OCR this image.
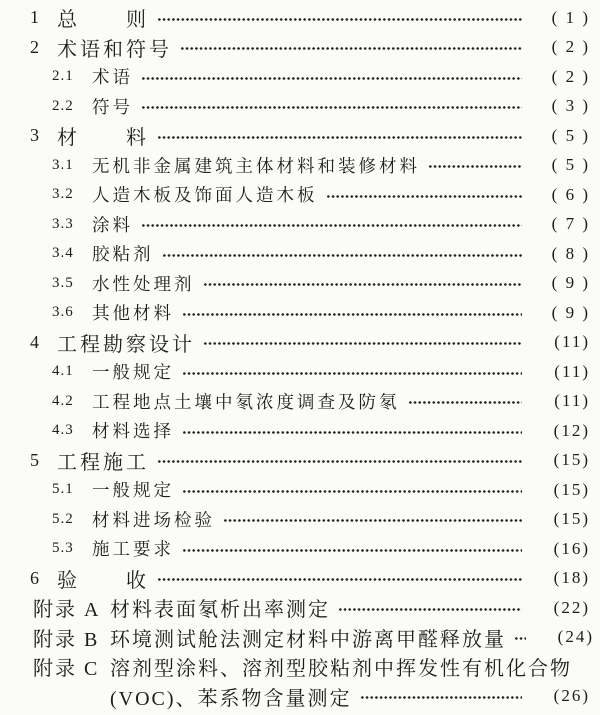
1 总　　则	( 1 )
2 术语和符号	( 2 )
2.1	术语	( 2 )
2.2	符号	( 3 )
3 材　　料	( 5 )
3.1	无机非金属建筑主体材料和装修材料	( 5 )
3.2	人造木板及饰面人造木板	( 6 )
3.3	涂料	( 7 )
3.4	胶粘剂	( 8 )
3.5	水性处理剂	( 9 )
3.6	其他材料	( 9 )
4 工程勘察设计	(11)
4.1	一般规定	(11)
4.2	工程地点土壤中氡浓度调查及防氡	(11)
4.3	材料选择	(12)
5 工程施工	(15)
5.1	一般规定	(15)
5.2	材料进场检验	(15)
5.3	施工要求	(16)
6 验　　收	(18)
附录 A 材料表面氡析出率测定	(22)
附录 B 环境测试舱法测定材料中游离甲醛释放量	(24)
附录 C 溶剂型涂料、溶剂型胶粘剂中挥发性有机化合物
(VOC)、苯系物含量测定	(26)
